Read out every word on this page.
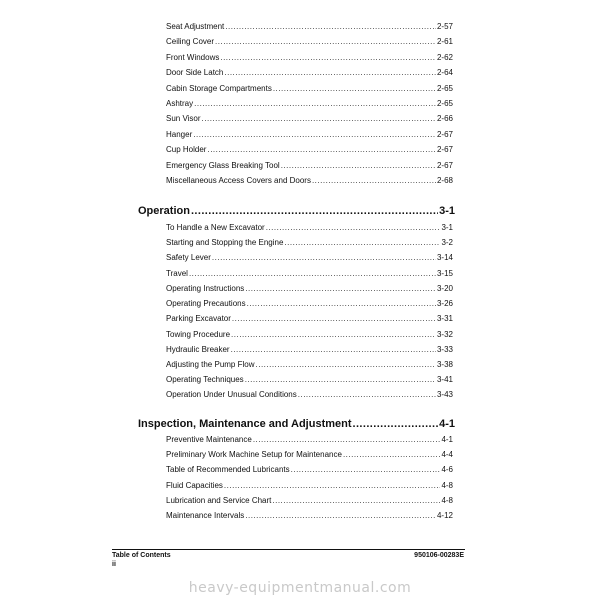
Seat Adjustment .....	2-57
Ceiling Cover .....	2-61
Front Windows .....	2-62
Door Side Latch .....	2-64
Cabin Storage Compartments .....	2-65
Ashtray .....	2-65
Sun Visor .....	2-66
Hanger .....	2-67
Cup Holder .....	2-67
Emergency Glass Breaking Tool .....	2-67
Miscellaneous Access Covers and Doors .....	2-68
Operation .....	3-1
To Handle a New Excavator .....	3-1
Starting and Stopping the Engine .....	3-2
Safety Lever .....	3-14
Travel .....	3-15
Operating Instructions .....	3-20
Operating Precautions .....	3-26
Parking Excavator .....	3-31
Towing Procedure .....	3-32
Hydraulic Breaker .....	3-33
Adjusting the Pump Flow .....	3-38
Operating Techniques .....	3-41
Operation Under Unusual Conditions .....	3-43
Inspection, Maintenance and Adjustment .....	4-1
Preventive Maintenance .....	4-1
Preliminary Work Machine Setup for Maintenance .....	4-4
Table of Recommended Lubricants .....	4-6
Fluid Capacities .....	4-8
Lubrication and Service Chart .....	4-8
Maintenance Intervals .....	4-12
Table of Contents
ii
950106-00283E
heavy-equipmentmanual.com
